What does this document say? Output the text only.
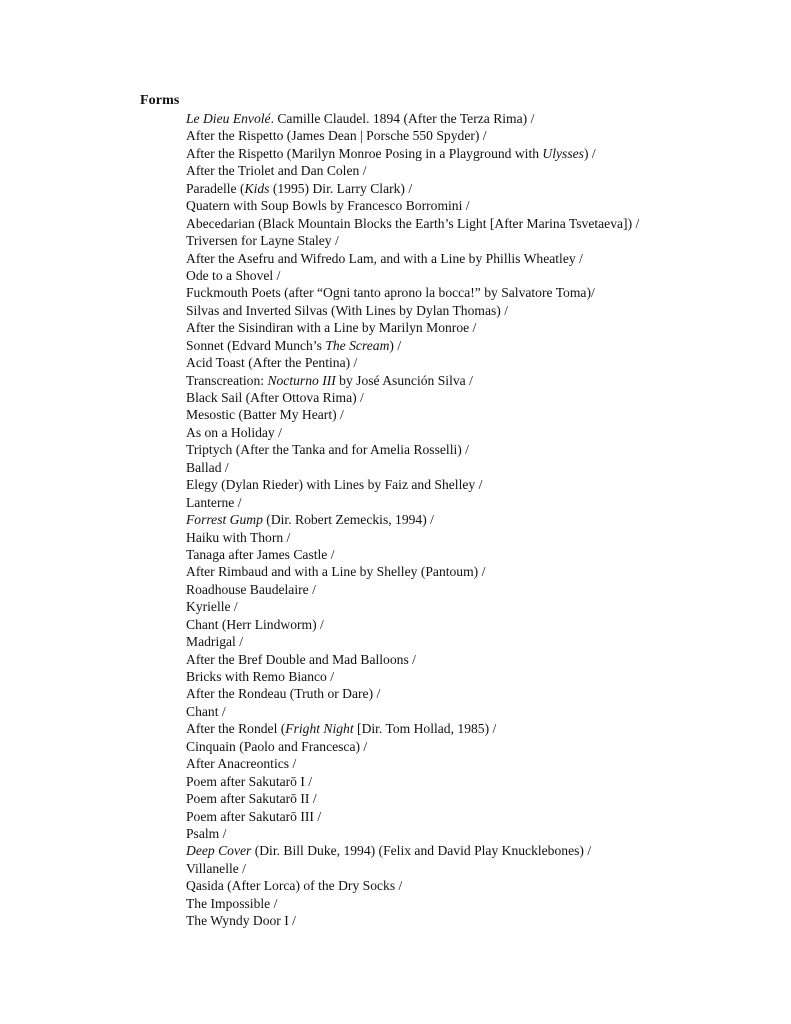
Forms
Le Dieu Envolé. Camille Claudel. 1894 (After the Terza Rima) /
After the Rispetto (James Dean | Porsche 550 Spyder) /
After the Rispetto (Marilyn Monroe Posing in a Playground with Ulysses) /
After the Triolet and Dan Colen /
Paradelle (Kids (1995) Dir. Larry Clark) /
Quatern with Soup Bowls by Francesco Borromini /
Abecedarian (Black Mountain Blocks the Earth’s Light [After Marina Tsvetaeva]) /
Triversen for Layne Staley /
After the Asefru and Wifredo Lam, and with a Line by Phillis Wheatley /
Ode to a Shovel /
Fuckmouth Poets (after “Ogni tanto aprono la bocca!” by Salvatore Toma)/
Silvas and Inverted Silvas (With Lines by Dylan Thomas) /
After the Sisindiran with a Line by Marilyn Monroe /
Sonnet (Edvard Munch’s The Scream) /
Acid Toast (After the Pentina) /
Transcreation: Nocturno III by José Asunción Silva /
Black Sail (After Ottova Rima) /
Mesostic (Batter My Heart) /
As on a Holiday /
Triptych (After the Tanka and for Amelia Rosselli) /
Ballad /
Elegy (Dylan Rieder) with Lines by Faiz and Shelley /
Lanterne /
Forrest Gump (Dir. Robert Zemeckis, 1994) /
Haiku with Thorn /
Tanaga after James Castle /
After Rimbaud and with a Line by Shelley (Pantoum) /
Roadhouse Baudelaire /
Kyrielle /
Chant (Herr Lindworm) /
Madrigal /
After the Bref Double and Mad Balloons /
Bricks with Remo Bianco /
After the Rondeau (Truth or Dare) /
Chant /
After the Rondel (Fright Night [Dir. Tom Hollad, 1985) /
Cinquain (Paolo and Francesca) /
After Anacreontics /
Poem after Sakutarō I /
Poem after Sakutarō II /
Poem after Sakutarō III /
Psalm /
Deep Cover (Dir. Bill Duke, 1994) (Felix and David Play Knucklebones) /
Villanelle /
Qasida (After Lorca) of the Dry Socks /
The Impossible /
The Wyndy Door I /
